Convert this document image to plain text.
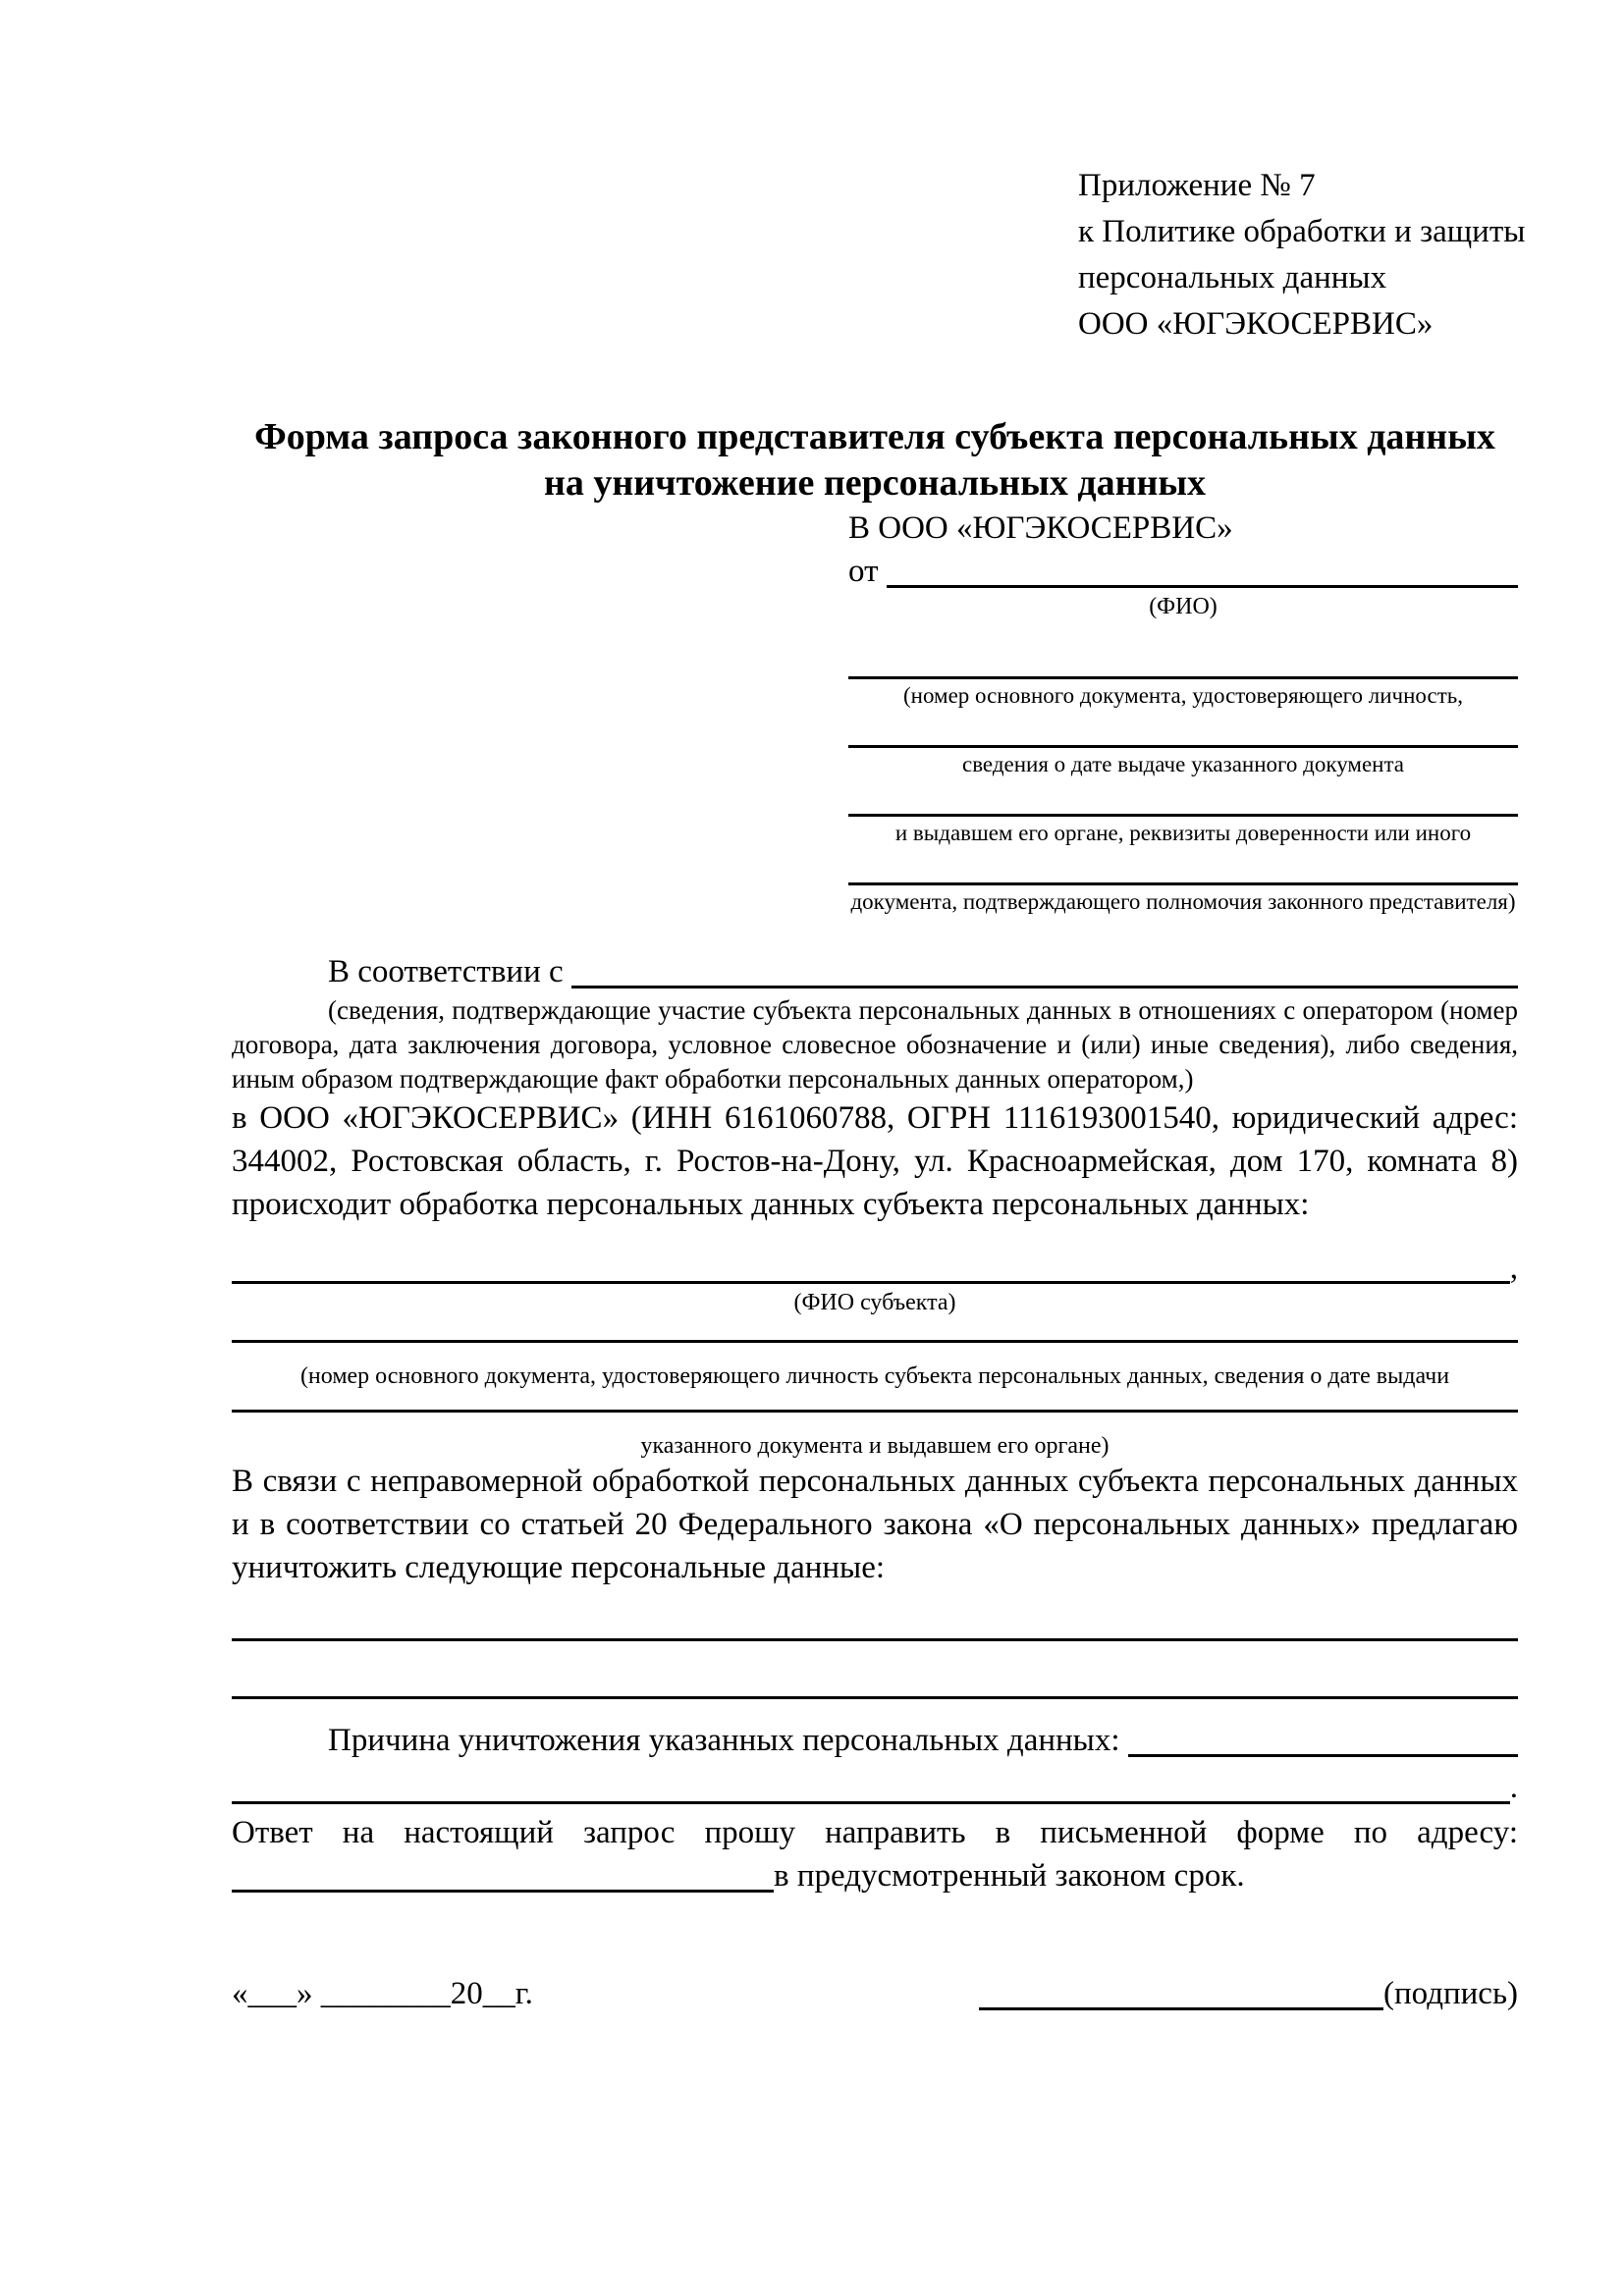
Приложение № 7
к Политике обработки и защиты
персональных данных
ООО «ЮГЭКОСЕРВИС»
Форма запроса законного представителя субъекта персональных данных
на уничтожение персональных данных
В ООО «ЮГЭКОСЕРВИС»
от
(ФИО)
(номер основного документа, удостоверяющего личность,
сведения о дате выдаче указанного документа
и выдавшем его органе, реквизиты доверенности или иного
документа, подтверждающего полномочия законного представителя)
В соответствии с
(сведения, подтверждающие участие субъекта персональных данных в отношениях с оператором (номер договора, дата заключения договора, условное словесное обозначение и (или) иные сведения), либо сведения, иным образом подтверждающие факт обработки персональных данных оператором,)
в ООО «ЮГЭКОСЕРВИС» (ИНН 6161060788, ОГРН 1116193001540, юридический адрес: 344002, Ростовская область, г. Ростов-на-Дону, ул. Красноармейская, дом 170, комната 8) происходит обработка персональных данных субъекта персональных данных:
,
(ФИО субъекта)
(номер основного документа, удостоверяющего личность субъекта персональных данных, сведения о дате выдачи
указанного документа и выдавшем его органе)
В связи с неправомерной обработкой персональных данных субъекта персональных данных и в соответствии со статьей 20 Федерального закона «О персональных данных» предлагаю уничтожить следующие персональные данные:
Причина уничтожения указанных персональных данных:
.
Ответ на настоящий запрос прошу направить в письменной форме по адресу:
в предусмотренный законом срок.
«___» ________20__г.	(подпись)
